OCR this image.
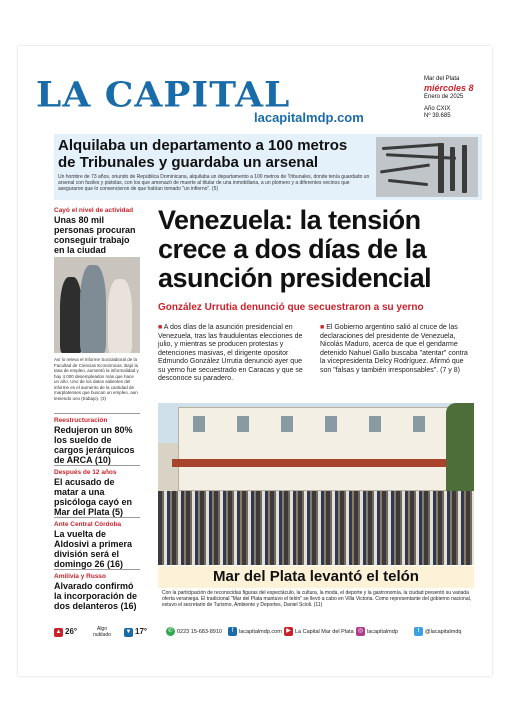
LA CAPITAL
lacapitalmdp.com
Mar del Plata
miércoles 8
Enero de 2025
Año CXIX
Nº 39.685
Alquilaba un departamento a 100 metros de Tribunales y guardaba un arsenal
Un hombre de 73 años, oriundo de República Dominicana, alquilaba un departamento a 100 metros de Tribunales, donde tenía guardado un arsenal con fusiles y pistolas, con los que amenazó de muerte al titular de una inmobiliaria, a un plomero y a diferentes vecinos que aseguraron que lo convencieron de que habían tomado "un infierno". (5)
Cayó el nivel de actividad
Unas 80 mil personas procuran conseguir trabajo en la ciudad
Así lo releva el Informe Sociolaboral de la Facultad de Ciencias Económicas. Bajó la tasa de empleo, aumentó la informalidad y hay 4.000 desempleados más que hace un año. Uno de los datos salientes del informe es el aumento de la cantidad de marplatenses que buscan un empleo, aun teniendo uno (trabajo). (3)
Reestructuración
Redujeron un 80% los sueldo de cargos jerárquicos de ARCA (10)
Después de 12 años
El acusado de matar a una psicóloga cayó en Mar del Plata (5)
Ante Central Córdoba
La vuelta de Aldosivi a primera división será el domingo 26 (16)
Amilivia y Russo
Alvarado confirmó la incorporación de dos delanteros (16)
Venezuela: la tensión crece a dos días de la asunción presidencial
González Urrutia denunció que secuestraron a su yerno
■ A dos días de la asunción presidencial en Venezuela, tras las fraudulentas elecciones de julio, y mientras se producen protestas y detenciones masivas, el dirigente opositor Edmundo González Urrutia denunció ayer que su yerno fue secuestrado en Caracas y que se desconoce su paradero.
■ El Gobierno argentino salió al cruce de las declaraciones del presidente de Venezuela, Nicolás Maduro, acerca de que el gendarme detenido Nahuel Gallo buscaba "atentar" contra la vicepresidenta Delcy Rodríguez. Afirmó que son "falsas y también irresponsables". (7 y 8)
Mar del Plata levantó el telón
Con la participación de reconocidas figuras del espectáculo, la cultura, la moda, el deporte y la gastronomía, la ciudad presentó su variada oferta veraniega. El tradicional "Mar del Plata mantuvo el telón" se llevó a cabo en Villa Victoria. Como representante del gobierno nacional, estuvo el secretario de Turismo, Ambiente y Deportes, Daniel Scioli. (11)
▲ 26°	Algo nublado	▼ 17°	✆ 0223 15-683-8910	f lacapitalmdp.com ▶ La Capital Mar del Plata ◎ lacapitalmdp	t @lacapitalmdq
